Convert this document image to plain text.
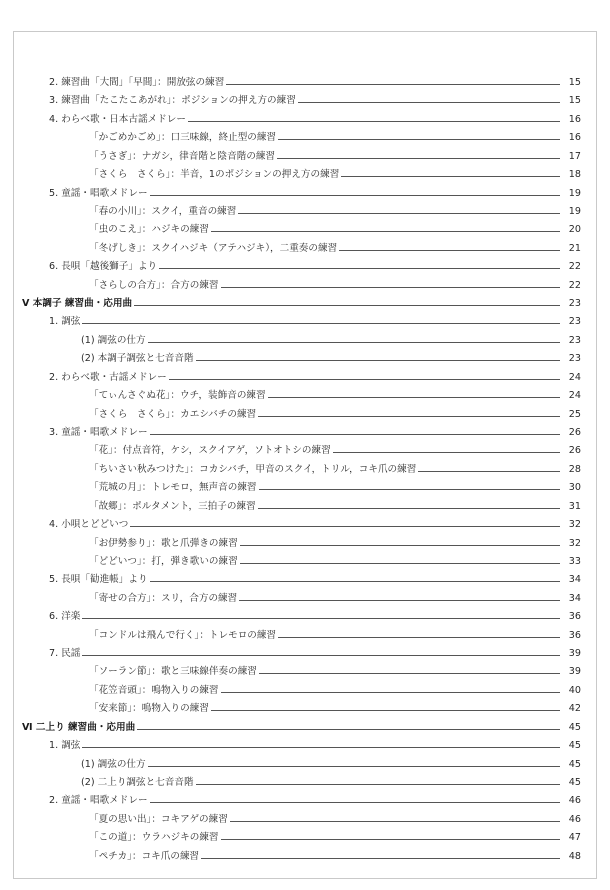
2. 練習曲「大間」「早間」：開放弦の練習	15
3. 練習曲「たこたこあがれ」：ポジションの押え方の練習	15
4. わらべ歌・日本古謡メドレー	16
「かごめかごめ」：口三味線，終止型の練習	16
「うさぎ」：ナガシ，律音階と陰音階の練習	17
「さくら　さくら」：半音，1のポジションの押え方の練習	18
5. 童謡・唱歌メドレー	19
「春の小川」：スクイ，重音の練習	19
「虫のこえ」：ハジキの練習	20
「冬げしき」：スクイハジキ（アテハジキ），二重奏の練習	21
6. 長唄「越後獅子」より	22
「さらしの合方」：合方の練習	22
Ⅴ 本調子 練習曲・応用曲	23
1. 調弦	23
(1) 調弦の仕方	23
(2) 本調子調弦と七音音階	23
2. わらべ歌・古謡メドレー	24
「てぃんさぐぬ花」：ウチ，装飾音の練習	24
「さくら　さくら」：カエシバチの練習	25
3. 童謡・唱歌メドレー	26
「花」：付点音符，ケシ，スクイアゲ，ソトオトシの練習	26
「ちいさい秋みつけた」：コカシバチ，甲音のスクイ，トリル，コキ爪の練習	28
「荒城の月」：トレモロ，無声音の練習	30
「故郷」：ポルタメント，三拍子の練習	31
4. 小唄とどどいつ	32
「お伊勢参り」：歌と爪弾きの練習	32
「どどいつ」：打，弾き歌いの練習	33
5. 長唄「勧進帳」より	34
「寄せの合方」：スリ，合方の練習	34
6. 洋楽	36
「コンドルは飛んで行く」：トレモロの練習	36
7. 民謡	39
「ソーラン節」：歌と三味線伴奏の練習	39
「花笠音頭」：鳴物入りの練習	40
「安来節」：鳴物入りの練習	42
Ⅵ 二上り 練習曲・応用曲	45
1. 調弦	45
(1) 調弦の仕方	45
(2) 二上り調弦と七音音階	45
2. 童謡・唱歌メドレー	46
「夏の思い出」：コキアゲの練習	46
「この道」：ウラハジキの練習	47
「ペチカ」：コキ爪の練習	48
